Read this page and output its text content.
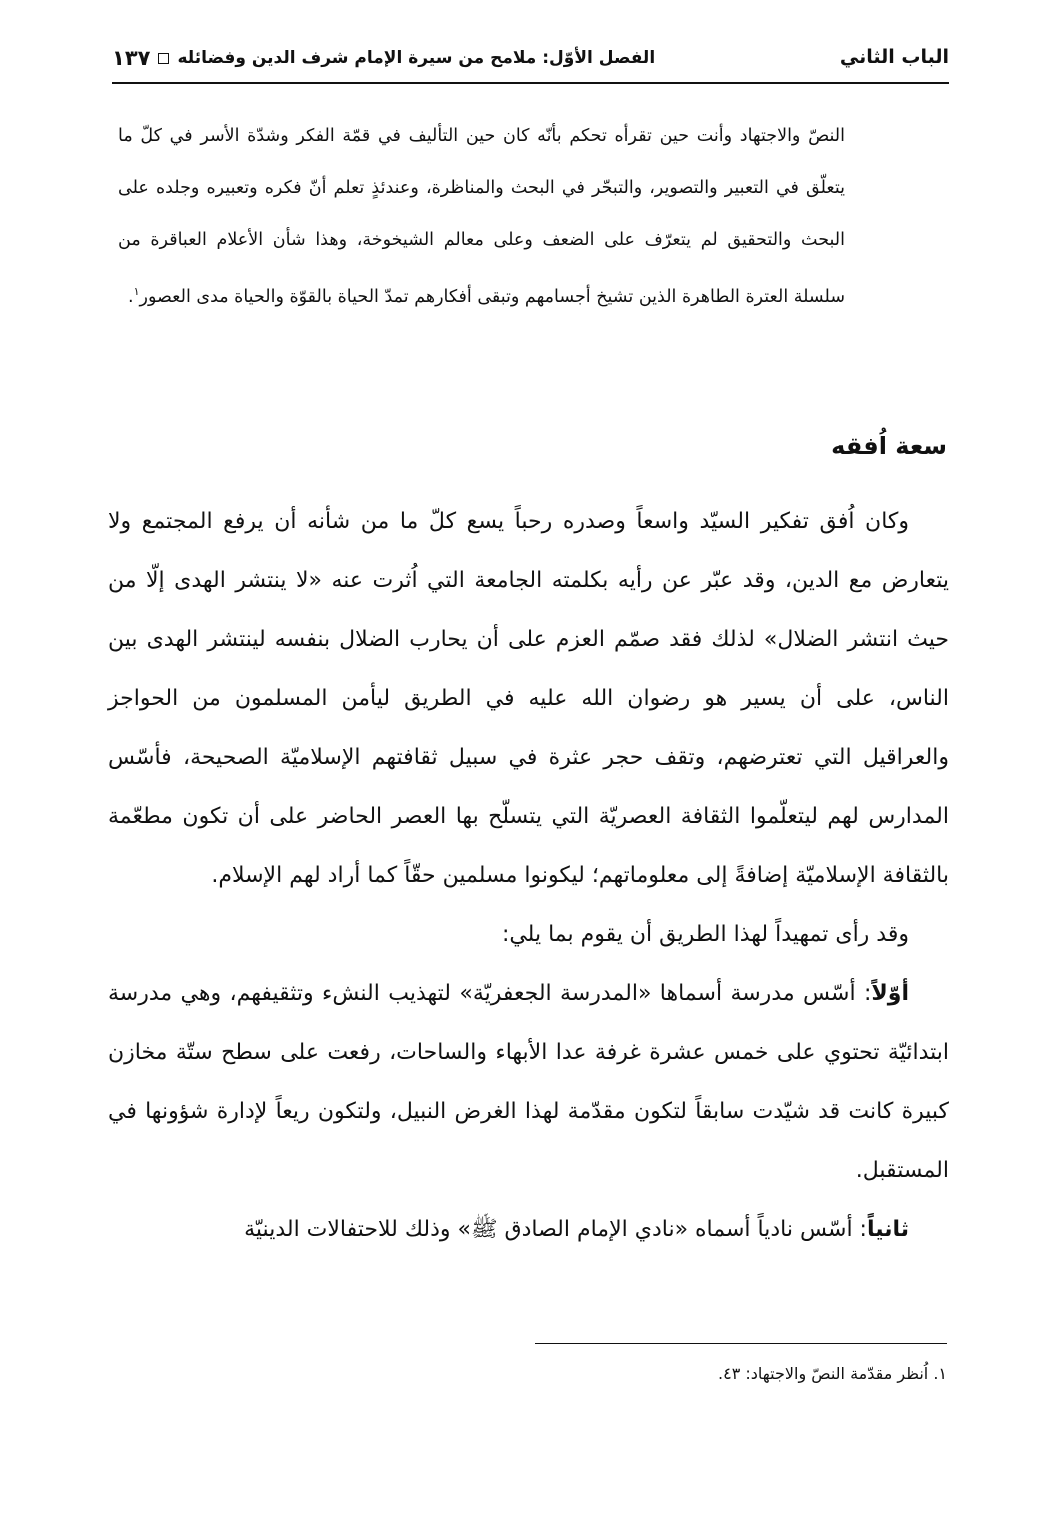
الباب الثاني
الفصل الأوّل: ملامح من سيرة الإمام شرف الدين وفضائله
١٣٧

النصّ والاجتهاد وأنت حين تقرأه تحكم بأنّه كان حين التأليف في قمّة الفكر وشدّة الأسر في كلّ ما يتعلّق في التعبير والتصوير، والتبحّر في البحث والمناظرة، وعندئذٍ تعلم أنّ فكره وتعبيره وجلده على البحث والتحقيق لم يتعرّف على الضعف وعلى معالم الشيخوخة، وهذا شأن الأعلام العباقرة من سلسلة العترة الطاهرة الذين تشيخ أجسامهم وتبقى أفكارهم تمدّ الحياة بالقوّة والحياة مدى العصور$^١$.

سعة اُفقه

وكان اُفق تفكير السيّد واسعاً وصدره رحباً يسع كلّ ما من شأنه أن يرفع المجتمع ولا يتعارض مع الدين، وقد عبّر عن رأيه بكلمته الجامعة التي اُثرت عنه «لا ينتشر الهدى إلّا من حيث انتشر الضلال» لذلك فقد صمّم العزم على أن يحارب الضلال بنفسه لينتشر الهدى بين الناس، على أن يسير هو رضوان الله عليه في الطريق ليأمن المسلمون من الحواجز والعراقيل التي تعترضهم، وتقف حجر عثرة في سبيل ثقافتهم الإسلاميّة الصحيحة، فأسّس المدارس لهم ليتعلّموا الثقافة العصريّة التي يتسلّح بها العصر الحاضر على أن تكون مطعّمة بالثقافة الإسلاميّة إضافةً إلى معلوماتهم؛ ليكونوا مسلمين حقّاً كما أراد لهم الإسلام.

وقد رأى تمهيداً لهذا الطريق أن يقوم بما يلي:

أوّلاً: أسّس مدرسة أسماها «المدرسة الجعفريّة» لتهذيب النشء وتثقيفهم، وهي مدرسة ابتدائيّة تحتوي على خمس عشرة غرفة عدا الأبهاء والساحات، رفعت على سطح ستّة مخازن كبيرة كانت قد شيّدت سابقاً لتكون مقدّمة لهذا الغرض النبيل، ولتكون ريعاً لإدارة شؤونها في المستقبل.

ثانياً: أسّس نادياً أسماه «نادي الإمام الصادق ﷺ» وذلك للاحتفالات الدينيّة

١. اُنظر مقدّمة النصّ والاجتهاد: ٤٣.
